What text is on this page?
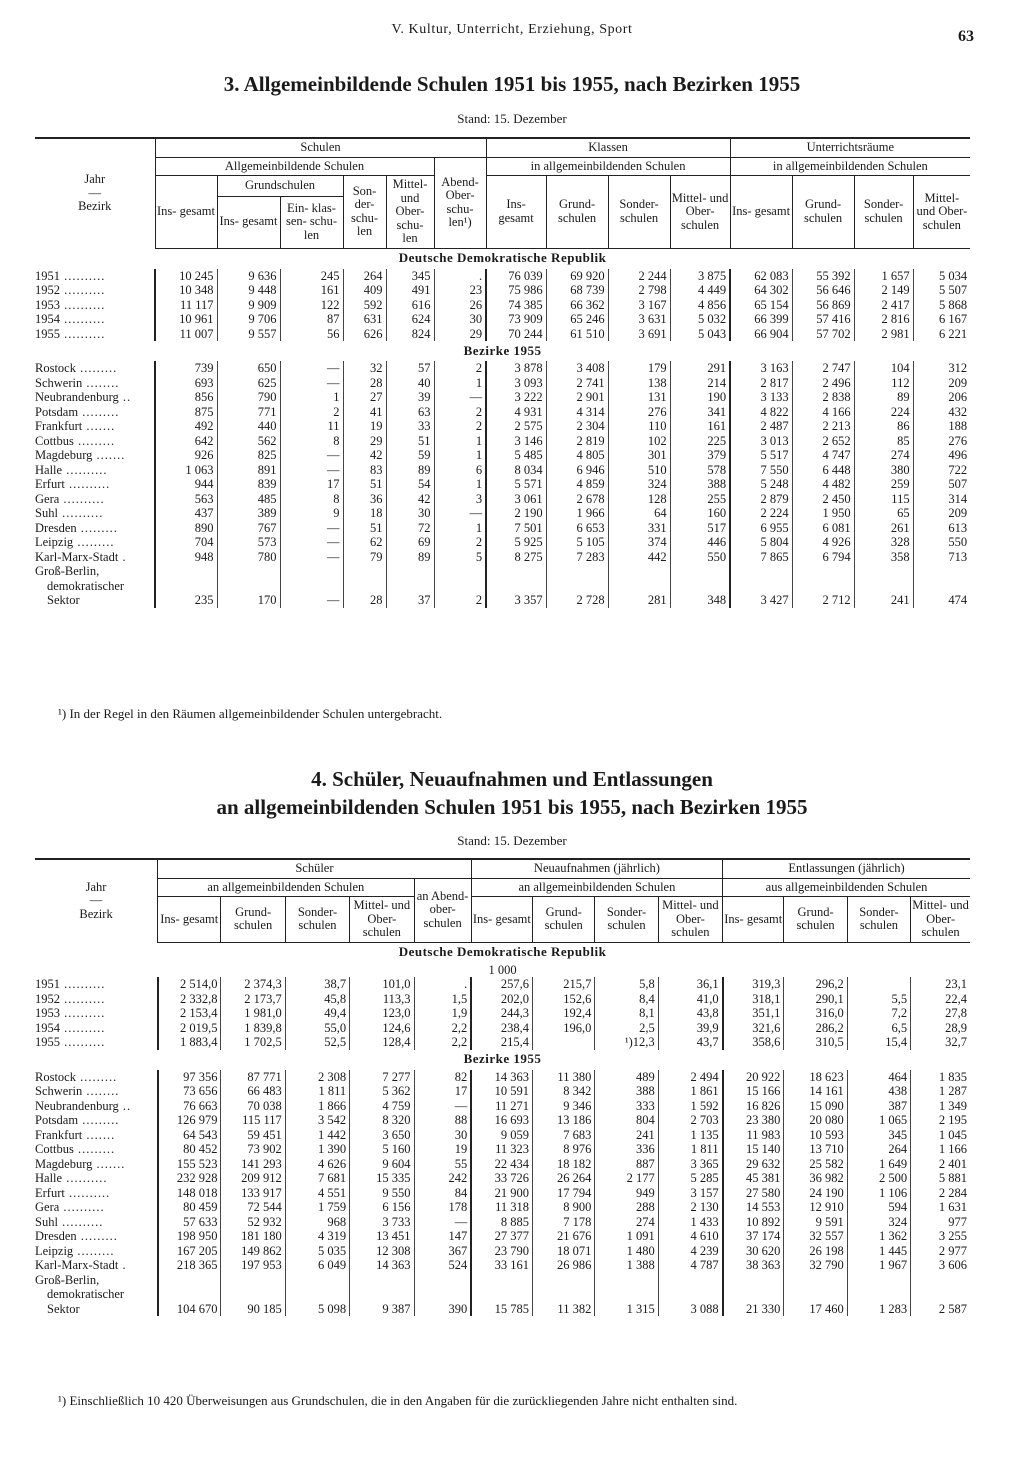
V. Kultur, Unterricht, Erziehung, Sport	63
3. Allgemeinbildende Schulen 1951 bis 1955, nach Bezirken 1955
Stand: 15. Dezember
Jahr
—
Bezirk	Schulen						Klassen				Unterrichtsräume			
	Allgemeinbildende Schulen					Abend- Ober- schu- len¹)	in allgemeinbildenden Schulen				in allgemeinbildenden Schulen			
	Ins- gesamt	Grundschulen		Son- der- schu- len	Mittel- und Ober- schu- len		Ins- gesamt	Grund- schulen	Sonder- schulen	Mittel- und Ober- schulen	Ins- gesamt	Grund- schulen	Sonder- schulen	Mittel- und Ober- schulen
		Ins- gesamt	Ein- klas- sen- schu- len											
Deutsche Demokratische Republik														
1951 ..........	10 245	9 636	245	264	345	.	76 039	69 920	2 244	3 875	62 083	55 392	1 657	5 034
1952 ..........	10 348	9 448	161	409	491	23	75 986	68 739	2 798	4 449	64 302	56 646	2 149	5 507
1953 ..........	11 117	9 909	122	592	616	26	74 385	66 362	3 167	4 856	65 154	56 869	2 417	5 868
1954 ..........	10 961	9 706	87	631	624	30	73 909	65 246	3 631	5 032	66 399	57 416	2 816	6 167
1955 ..........	11 007	9 557	56	626	824	29	70 244	61 510	3 691	5 043	66 904	57 702	2 981	6 221
Bezirke 1955														
Rostock .........	739	650	—	32	57	2	3 878	3 408	179	291	3 163	2 747	104	312
Schwerin ........	693	625	—	28	40	1	3 093	2 741	138	214	2 817	2 496	112	209
Neubrandenburg ..	856	790	1	27	39	—	3 222	2 901	131	190	3 133	2 838	89	206
Potsdam .........	875	771	2	41	63	2	4 931	4 314	276	341	4 822	4 166	224	432
Frankfurt .......	492	440	11	19	33	2	2 575	2 304	110	161	2 487	2 213	86	188
Cottbus .........	642	562	8	29	51	1	3 146	2 819	102	225	3 013	2 652	85	276
Magdeburg .......	926	825	—	42	59	1	5 485	4 805	301	379	5 517	4 747	274	496
Halle ..........	1 063	891	—	83	89	6	8 034	6 946	510	578	7 550	6 448	380	722
Erfurt ..........	944	839	17	51	54	1	5 571	4 859	324	388	5 248	4 482	259	507
Gera ..........	563	485	8	36	42	3	3 061	2 678	128	255	2 879	2 450	115	314
Suhl ..........	437	389	9	18	30	—	2 190	1 966	64	160	2 224	1 950	65	209
Dresden .........	890	767	—	51	72	1	7 501	6 653	331	517	6 955	6 081	261	613
Leipzig .........	704	573	—	62	69	2	5 925	5 105	374	446	5 804	4 926	328	550
Karl-Marx-Stadt .	948	780	—	79	89	5	8 275	7 283	442	550	7 865	6 794	358	713

Groß-Berlin,
demokratischer
Sektor	235	170	—	28	37	2	3 357	2 728	281	348	3 427	2 712	241	474
¹) In der Regel in den Räumen allgemeinbildender Schulen untergebracht.
4. Schüler, Neuaufnahmen und Entlassungen
an allgemeinbildenden Schulen 1951 bis 1955, nach Bezirken 1955
Stand: 15. Dezember
Jahr
—
Bezirk	Schüler					Neuaufnahmen (jährlich)				Entlassungen (jährlich)			
	an allgemeinbildenden Schulen				an Abend- ober- schulen	an allgemeinbildenden Schulen				aus allgemeinbildenden Schulen			
	Ins- gesamt	Grund- schulen	Sonder- schulen	Mittel- und Ober- schulen		Ins- gesamt	Grund- schulen	Sonder- schulen	Mittel- und Ober- schulen	Ins- gesamt	Grund- schulen	Sonder- schulen	Mittel- und Ober- schulen
Deutsche Demokratische Republik													
1 000													
1951 ..........	2 514,0	2 374,3	38,7	101,0	.	257,6	215,7	5,8	36,1	319,3	296,2		23,1
1952 ..........	2 332,8	2 173,7	45,8	113,3	1,5	202,0	152,6	8,4	41,0	318,1	290,1	5,5	22,4
1953 ..........	2 153,4	1 981,0	49,4	123,0	1,9	244,3	192,4	8,1	43,8	351,1	316,0	7,2	27,8
1954 ..........	2 019,5	1 839,8	55,0	124,6	2,2	238,4	196,0	2,5	39,9	321,6	286,2	6,5	28,9
1955 ..........	1 883,4	1 702,5	52,5	128,4	2,2	215,4		¹)12,3	43,7	358,6	310,5	15,4	32,7
Bezirke 1955													
Rostock .........	97 356	87 771	2 308	7 277	82	14 363	11 380	489	2 494	20 922	18 623	464	1 835
Schwerin ........	73 656	66 483	1 811	5 362	17	10 591	8 342	388	1 861	15 166	14 161	438	1 287
Neubrandenburg ..	76 663	70 038	1 866	4 759	—	11 271	9 346	333	1 592	16 826	15 090	387	1 349
Potsdam .........	126 979	115 117	3 542	8 320	88	16 693	13 186	804	2 703	23 380	20 080	1 065	2 195
Frankfurt .......	64 543	59 451	1 442	3 650	30	9 059	7 683	241	1 135	11 983	10 593	345	1 045
Cottbus .........	80 452	73 902	1 390	5 160	19	11 323	8 976	336	1 811	15 140	13 710	264	1 166
Magdeburg .......	155 523	141 293	4 626	9 604	55	22 434	18 182	887	3 365	29 632	25 582	1 649	2 401
Halle ..........	232 928	209 912	7 681	15 335	242	33 726	26 264	2 177	5 285	45 381	36 982	2 500	5 881
Erfurt ..........	148 018	133 917	4 551	9 550	84	21 900	17 794	949	3 157	27 580	24 190	1 106	2 284
Gera ..........	80 459	72 544	1 759	6 156	178	11 318	8 900	288	2 130	14 553	12 910	594	1 631
Suhl ..........	57 633	52 932	968	3 733	—	8 885	7 178	274	1 433	10 892	9 591	324	977
Dresden .........	198 950	181 180	4 319	13 451	147	27 377	21 676	1 091	4 610	37 174	32 557	1 362	3 255
Leipzig .........	167 205	149 862	5 035	12 308	367	23 790	18 071	1 480	4 239	30 620	26 198	1 445	2 977
Karl-Marx-Stadt .	218 365	197 953	6 049	14 363	524	33 161	26 986	1 388	4 787	38 363	32 790	1 967	3 606

Groß-Berlin,
demokratischer
Sektor	104 670	90 185	5 098	9 387	390	15 785	11 382	1 315	3 088	21 330	17 460	1 283	2 587
¹) Einschließlich 10 420 Überweisungen aus Grundschulen, die in den Angaben für die zurückliegenden Jahre nicht enthalten sind.
